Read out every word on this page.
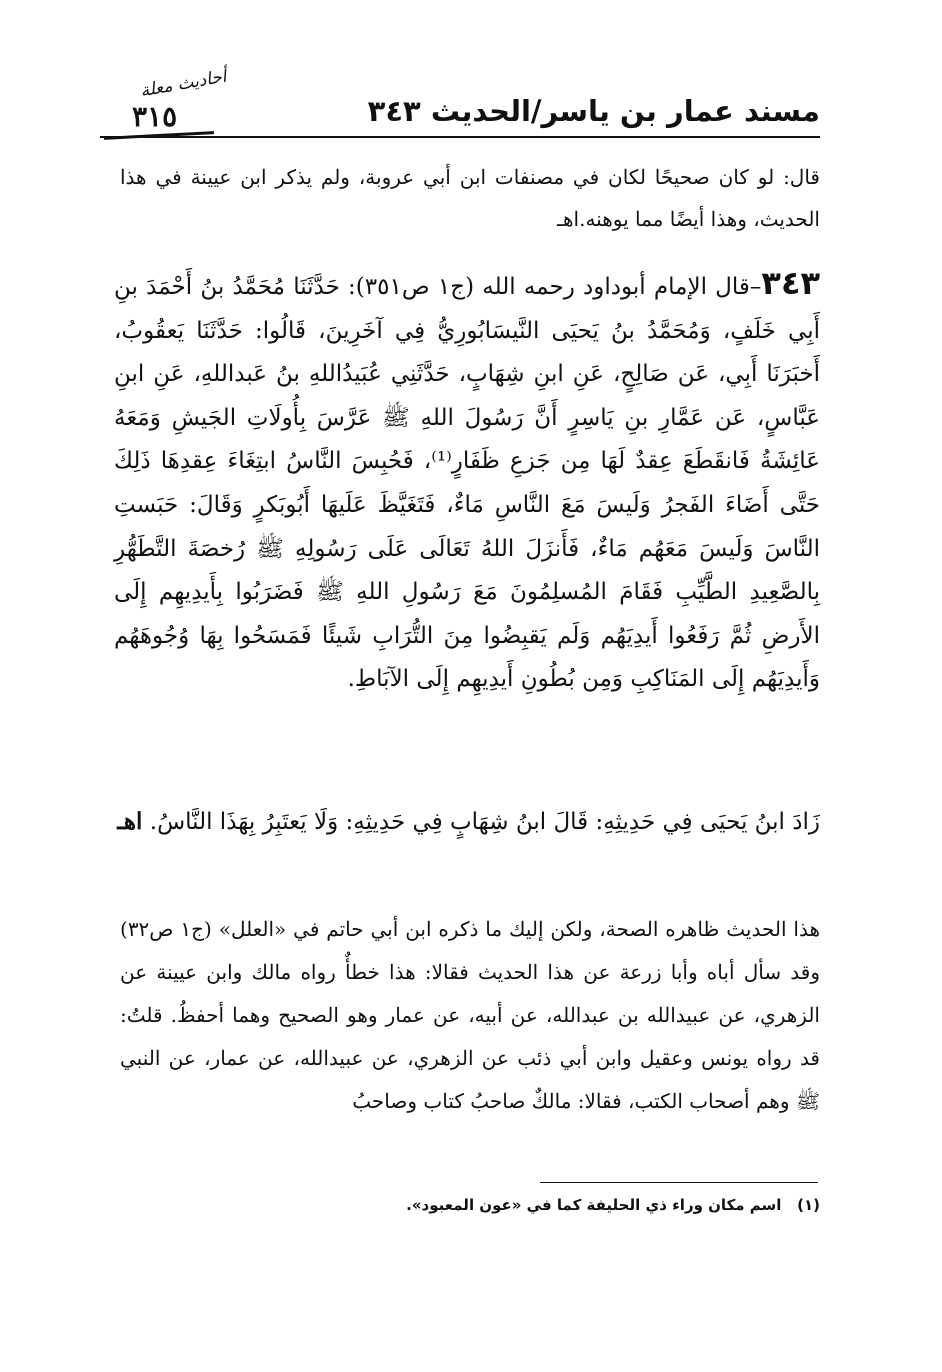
مسند عمار بن ياسر/الحديث ٣٤٣
أحاديث معلة
٣١٥
قال: لو كان صحيحًا لكان في مصنفات ابن أبي عروبة، ولم يذكر ابن عيينة في هذا الحديث، وهذا أيضًا مما يوهنه.اهـ
٣٤٣–قال الإمام أبوداود رحمه الله (ج١ ص٣٥١): حَدَّثَنَا مُحَمَّدُ بنُ أَحْمَدَ بنِ أَبِي خَلَفٍ، وَمُحَمَّدُ بنُ يَحيَى النَّيسَابُورِيُّ فِي آخَرِينَ، قَالُوا: حَدَّثَنَا يَعقُوبُ، أَخبَرَنَا أَبِي، عَن صَالِحٍ، عَنِ ابنِ شِهَابٍ، حَدَّثَنِي عُبَيدُاللهِ بنُ عَبداللهِ، عَنِ ابنِ عَبَّاسٍ، عَن عَمَّارِ بنِ يَاسِرٍ أَنَّ رَسُولَ اللهِ ﷺ عَرَّسَ بِأُولَاتِ الجَيشِ وَمَعَهُ عَائِشَةُ فَانقَطَعَ عِقدٌ لَهَا مِن جَزعِ ظَفَارٍ⁽¹⁾، فَحُبِسَ النَّاسُ ابتِغَاءَ عِقدِهَا ذَلِكَ حَتَّى أَضَاءَ الفَجرُ وَلَيسَ مَعَ النَّاسِ مَاءٌ، فَتَغَيَّظَ عَلَيهَا أَبُوبَكرٍ وَقَالَ: حَبَستِ النَّاسَ وَلَيسَ مَعَهُم مَاءٌ، فَأَنزَلَ اللهُ تَعَالَى عَلَى رَسُولِهِ ﷺ رُخصَةَ التَّطَهُّرِ بِالصَّعِيدِ الطَّيِّبِ فَقَامَ المُسلِمُونَ مَعَ رَسُولِ اللهِ ﷺ فَضَرَبُوا بِأَيدِيهِم إِلَى الأَرضِ ثُمَّ رَفَعُوا أَيدِيَهُم وَلَم يَقبِضُوا مِنَ التُّرَابِ شَيئًا فَمَسَحُوا بِهَا وُجُوهَهُم وَأَيدِيَهُم إِلَى المَنَاكِبِ وَمِن بُطُونِ أَيدِيهِم إِلَى الآبَاطِ.
زَادَ ابنُ يَحيَى فِي حَدِيثِهِ: قَالَ ابنُ شِهَابٍ فِي حَدِيثِهِ: وَلَا يَعتَبِرُ بِهَذَا النَّاسُ. اهـ
هذا الحديث ظاهره الصحة، ولكن إليك ما ذكره ابن أبي حاتم في «العلل» (ج١ ص٣٢) وقد سأل أباه وأبا زرعة عن هذا الحديث فقالا: هذا خطأٌ رواه مالك وابن عيينة عن الزهري، عن عبيدالله بن عبدالله، عن أبيه، عن عمار وهو الصحيح وهما أحفظُ. قلتُ: قد رواه يونس وعقيل وابن أبي ذئب عن الزهري، عن عبيدالله، عن عمار، عن النبي ﷺ وهم أصحاب الكتب، فقالا: مالكٌ صاحبُ كتاب وصاحبُ
(١)   اسم مكان وراء ذي الحليفة كما في «عون المعبود».
